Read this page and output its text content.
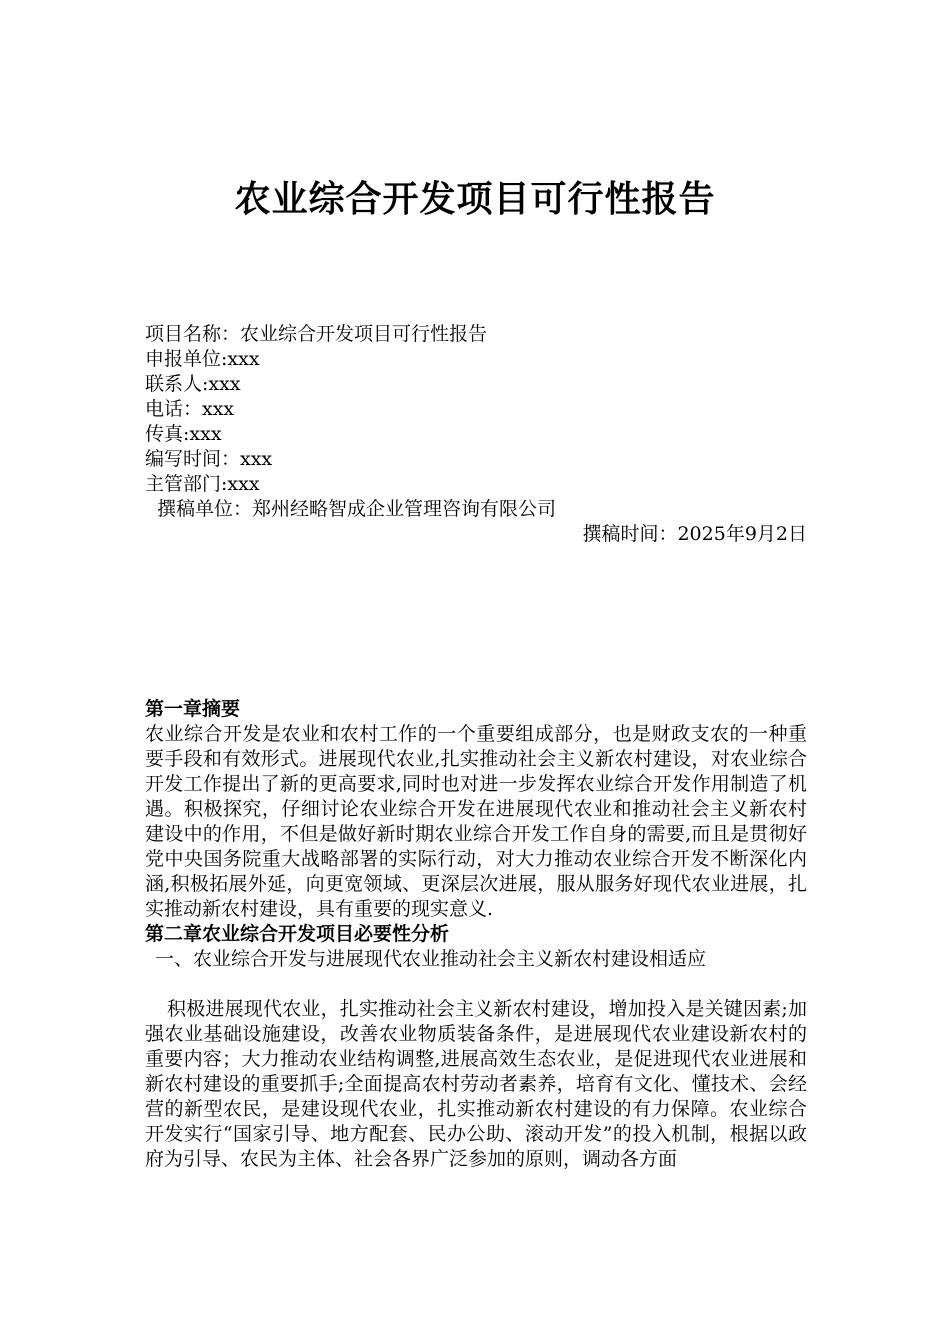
农业综合开发项目可行性报告
项目名称：农业综合开发项目可行性报告
申报单位:xxx
联系人:xxx
电话：xxx
传真:xxx
编写时间：xxx
主管部门:xxx
撰稿单位：郑州经略智成企业管理咨询有限公司
撰稿时间：2025年9月2日
第一章摘要
农业综合开发是农业和农村工作的一个重要组成部分，也是财政支农的一种重要手段和有效形式。进展现代农业,扎实推动社会主义新农村建设，对农业综合开发工作提出了新的更高要求,同时也对进一步发挥农业综合开发作用制造了机遇。积极探究，仔细讨论农业综合开发在进展现代农业和推动社会主义新农村建设中的作用，不但是做好新时期农业综合开发工作自身的需要,而且是贯彻好党中央国务院重大战略部署的实际行动，对大力推动农业综合开发不断深化内涵,积极拓展外延，向更宽领域、更深层次进展，服从服务好现代农业进展，扎实推动新农村建设，具有重要的现实意义.
第二章农业综合开发项目必要性分析
一、农业综合开发与进展现代农业推动社会主义新农村建设相适应
积极进展现代农业，扎实推动社会主义新农村建设，增加投入是关键因素;加强农业基础设施建设，改善农业物质装备条件，是进展现代农业建设新农村的重要内容；大力推动农业结构调整,进展高效生态农业，是促进现代农业进展和新农村建设的重要抓手;全面提高农村劳动者素养，培育有文化、懂技术、会经营的新型农民，是建设现代农业，扎实推动新农村建设的有力保障。农业综合开发实行“国家引导、地方配套、民办公助、滚动开发”的投入机制，根据以政府为引导、农民为主体、社会各界广泛参加的原则，调动各方面
